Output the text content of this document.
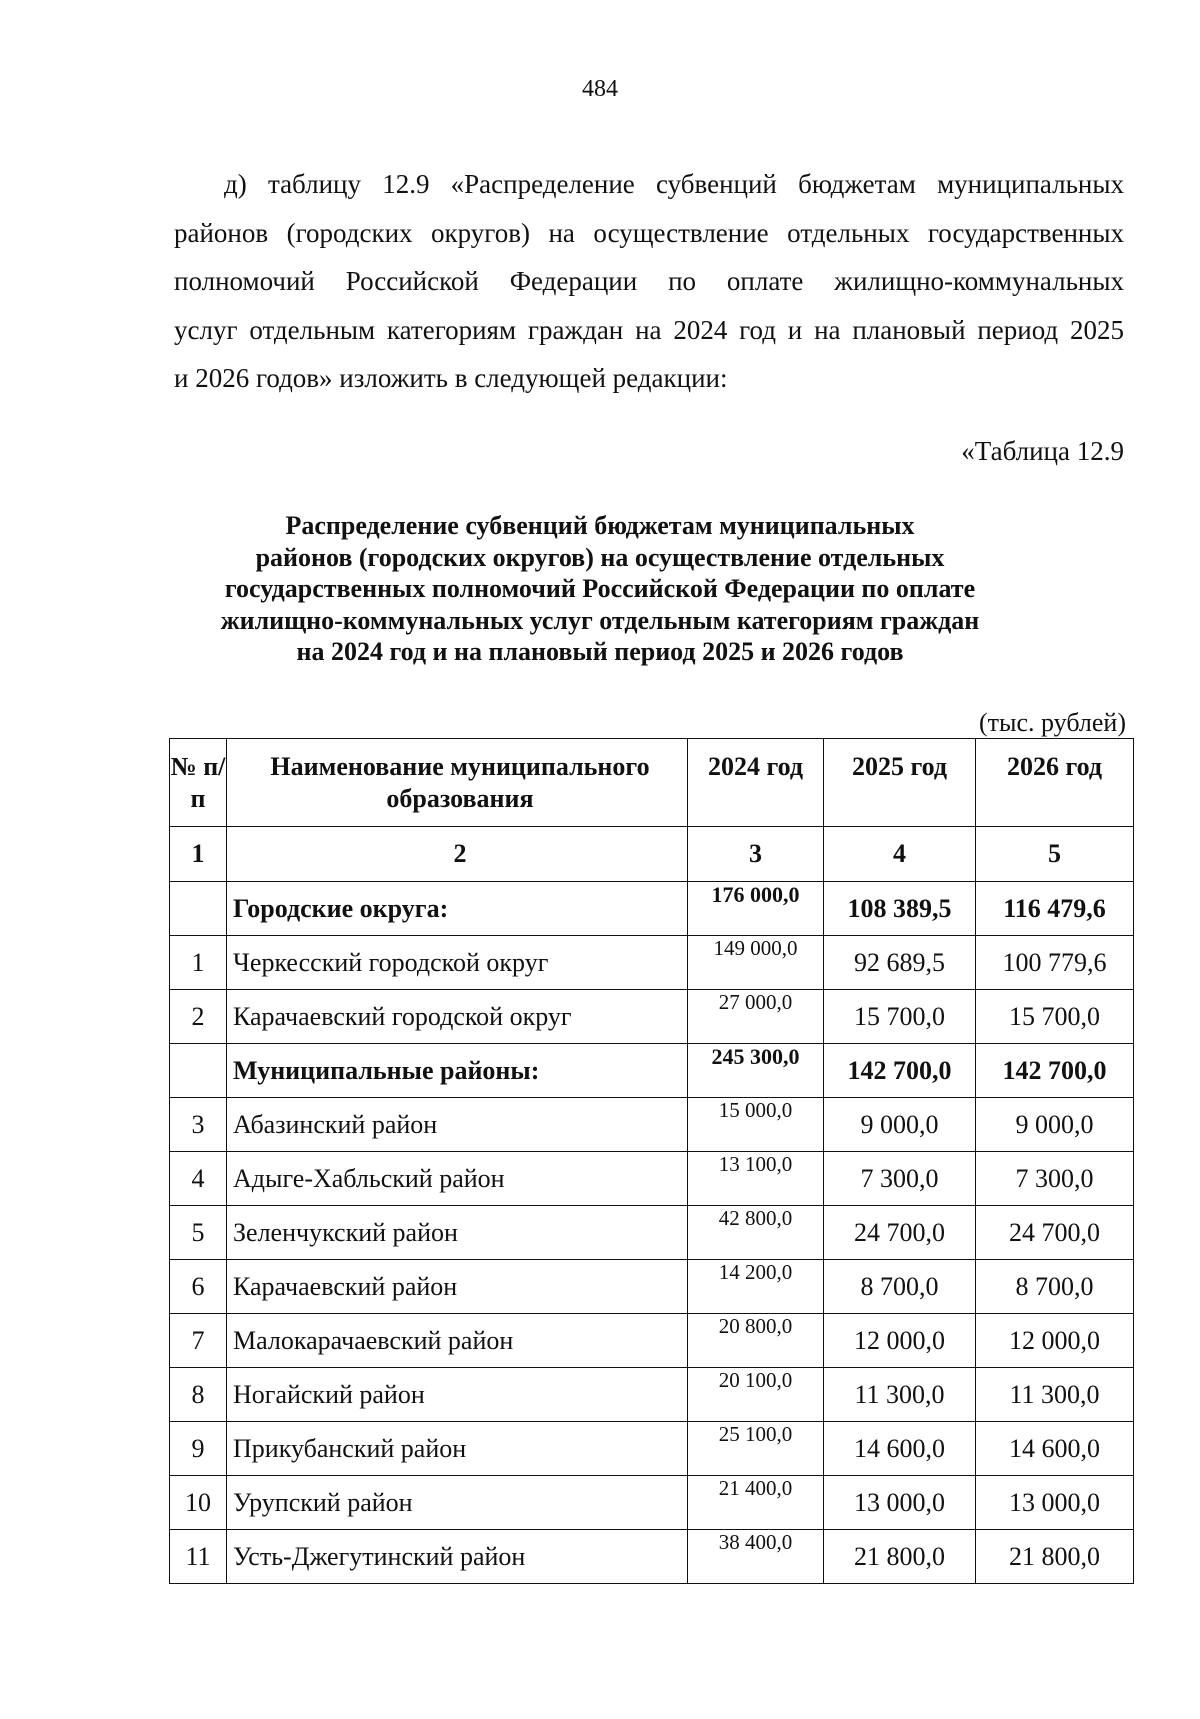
484
д) таблицу 12.9 «Распределение субвенций бюджетам муниципальных
районов (городских округов) на осуществление отдельных государственных
полномочий Российской Федерации по оплате жилищно-коммунальных
услуг отдельным категориям граждан на 2024 год и на плановый период 2025
и 2026 годов» изложить в следующей редакции:
«Таблица 12.9
Распределение субвенций бюджетам муниципальных
районов (городских округов) на осуществление отдельных
государственных полномочий Российской Федерации по оплате
жилищно-коммунальных услуг отдельным категориям граждан
на 2024 год и на плановый период 2025 и 2026 годов
(тыс. рублей)
№ п/п	Наименование муниципального образования	2024 год	2025 год	2026 год
1	2	3	4	5
	Городские округа:	176 000,0	108 389,5	116 479,6
1	Черкесский городской округ	149 000,0	92 689,5	100 779,6
2	Карачаевский городской округ	27 000,0	15 700,0	15 700,0
	Муниципальные районы:	245 300,0	142 700,0	142 700,0
3	Абазинский район	15 000,0	9 000,0	9 000,0
4	Адыге-Хабльский район	13 100,0	7 300,0	7 300,0
5	Зеленчукский район	42 800,0	24 700,0	24 700,0
6	Карачаевский район	14 200,0	8 700,0	8 700,0
7	Малокарачаевский район	20 800,0	12 000,0	12 000,0
8	Ногайский район	20 100,0	11 300,0	11 300,0
9	Прикубанский район	25 100,0	14 600,0	14 600,0
10	Урупский район	21 400,0	13 000,0	13 000,0
11	Усть-Джегутинский район	38 400,0	21 800,0	21 800,0
